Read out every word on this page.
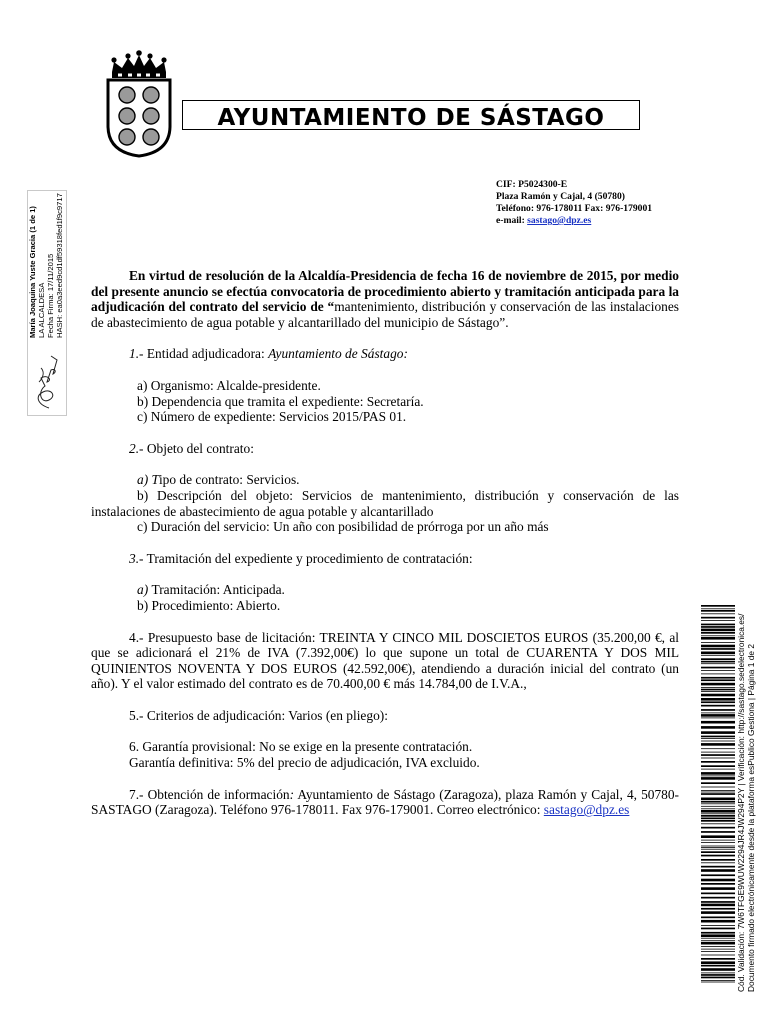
AYUNTAMIENTO DE SÁSTAGO
CIF: P5024300-E
Plaza Ramón y Cajal, 4 (50780)
Teléfono: 976-178011 Fax: 976-179001
e-mail: sastago@dpz.es
María Joaquina Yuste Gracia (1 de 1) LA ALCALDESA Fecha Firma: 17/11/2015 HASH: ea0a3eed9cd1df59318fed1f9c9717
Cód. Validación: 7W6TFGE9WUW2294JR4JW294P2Y | Verificación: http://sastago.sedelectronica.es/ Documento firmado electrónicamente desde la plataforma esPublico Gestiona | Página 1 de 2

En virtud de resolución de la Alcaldía-Presidencia de fecha 16 de noviembre de 2015, por medio del presente anuncio se efectúa convocatoria de procedimiento abierto y tramitación anticipada para la adjudicación del contrato del servicio de “mantenimiento, distribución y conservación de las instalaciones de abastecimiento de agua potable y alcantarillado del municipio de Sástago”.

1.- Entidad adjudicadora: Ayuntamiento de Sástago:

a) Organismo: Alcalde-presidente.

b) Dependencia que tramita el expediente: Secretaría.

c) Número de expediente: Servicios 2015/PAS 01.

2.- Objeto del contrato:

a) Tipo de contrato: Servicios.

b) Descripción del objeto: Servicios de mantenimiento, distribución y conservación de las instalaciones de abastecimiento de agua potable y alcantarillado

c) Duración del servicio: Un año con posibilidad de prórroga por un año más

3.- Tramitación del expediente y procedimiento de contratación:

a) Tramitación: Anticipada.

b) Procedimiento: Abierto.

4.- Presupuesto base de licitación: TREINTA Y CINCO MIL DOSCIETOS EUROS (35.200,00 €, al que se adicionará el 21% de IVA (7.392,00€) lo que supone un total de CUARENTA Y DOS MIL QUINIENTOS NOVENTA Y DOS EUROS (42.592,00€), atendiendo a duración inicial del contrato (un año). Y el valor estimado del contrato es de 70.400,00 € más 14.784,00 de I.V.A.,

5.- Criterios de adjudicación: Varios (en pliego):

6. Garantía provisional: No se exige en la presente contratación.

Garantía definitiva: 5% del precio de adjudicación, IVA excluido.

7.- Obtención de información: Ayuntamiento de Sástago (Zaragoza), plaza Ramón y Cajal, 4, 50780-SASTAGO (Zaragoza). Teléfono 976-178011. Fax 976-179001. Correo electrónico: sastago@dpz.es
